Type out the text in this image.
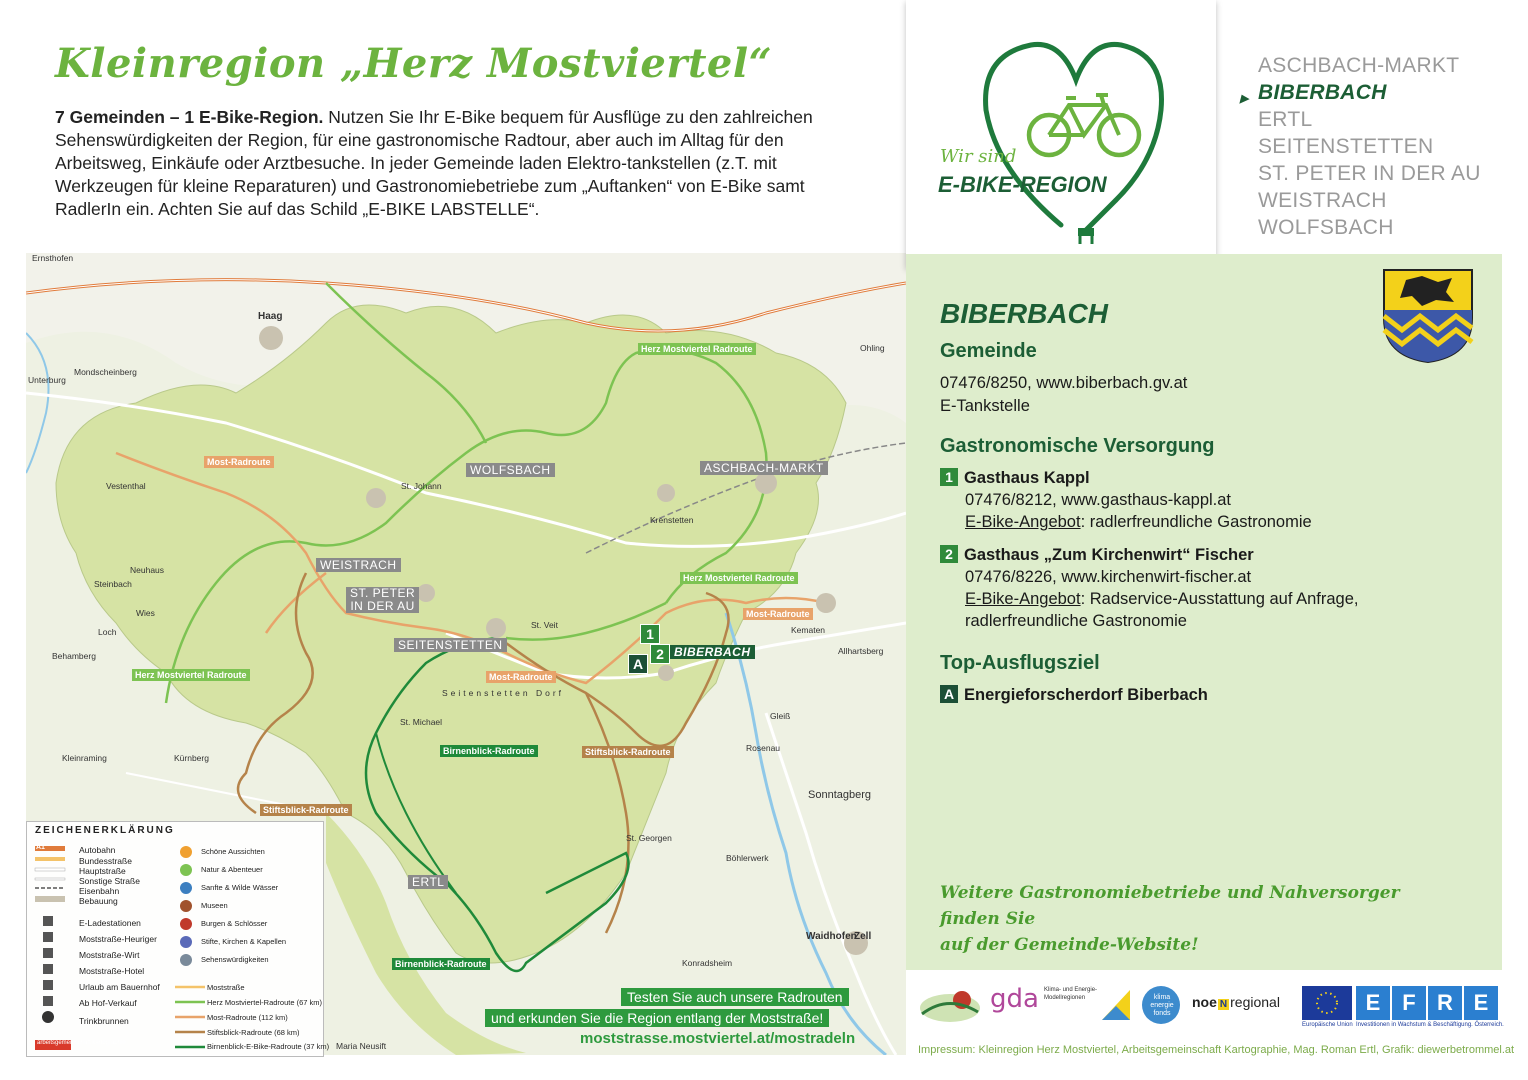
Kleinregion „Herz Mostviertel“
7 Gemeinden – 1 E-Bike-Region. Nutzen Sie Ihr E-Bike bequem für Ausflüge zu den zahlreichen Sehenswürdigkeiten der Region, für eine gastronomische Radtour, aber auch im Alltag für den Arbeitsweg, Einkäufe oder Arztbesuche. In jeder Gemeinde laden Elektro-tankstellen (z.T. mit Werkzeugen für kleine Reparaturen) und Gastronomiebetriebe zum „Auftanken“ von E-Bike samt RadlerIn ein. Achten Sie auf das Schild „E-BIKE LABSTELLE“.
Ernsthofen
Haag
Unterburg
Mondscheinberg
Vestenthal	St. Johann
Kürnberg
Kleinraming
Behamberg
Steinbach
Wies
Loch
Neuhaus
St. Veit	Kematen
Allhartsberg
Gleiß
Rosenau
Sonntagberg
Waidhofen
Zell
Konradsheim
Maria Neusift
Böhlerwerk
St. Georgen
St. Michael
Krenstetten
Ohling
Seitenstetten Dorf
WOLFSBACH	ASCHBACH-MARKT
WEISTRACH
ST. PETER
IN DER AU
SEITENSTETTEN
ERTL
BIBERBACH
1
2
A
Herz Mostviertel Radroute
Herz Mostviertel Radroute
Herz Mostviertel Radroute
Most-Radroute
Most-Radroute
Most-Radroute
Birnenblick-Radroute
Birnenblick-Radroute
Stiftsblick-Radroute
Stiftsblick-Radroute
Testen Sie auch unsere Radrouten
und erkunden Sie die Region entlang der Moststraße!
moststrasse.mostviertel.at/mostradeln
ZEICHENERKLÄRUNG
A1	Autobahn
Bundesstraße
Hauptstraße
Sonstige Straße
Eisenbahn
Bebauung
E-Ladestationen
Moststraße-Heuriger
Moststraße-Wirt
Moststraße-Hotel
Urlaub am Bauernhof
Ab Hof-Verkauf
Trinkbrunnen
arbeitsgemeinschaft kartographie
Schöne Aussichten
Natur & Abenteuer
Sanfte & Wilde Wässer
Museen
Burgen & Schlösser
Stifte, Kirchen & Kapellen
Sehenswürdigkeiten
Moststraße
Herz Mostviertel-Radroute (67 km)
Most-Radroute (112 km)
Stiftsblick-Radroute (68 km)
Birnenblick-E-Bike-Radroute (37 km)
Wir sind
E-BIKE-REGION
ASCHBACH-MARKT
▶ BIBERBACH
ERTL
SEITENSTETTEN
ST. PETER IN DER AU
WEISTRACH
WOLFSBACH
BIBERBACH
Gemeinde
07476/8250, www.biberbach.gv.at
E-Tankstelle
Gastronomische Versorgung
1 Gasthaus Kappl
07476/8212, www.gasthaus-kappl.at
E-Bike-Angebot: radlerfreundliche Gastronomie
2 Gasthaus „Zum Kirchenwirt“ Fischer
07476/8226, www.kirchenwirt-fischer.at
E-Bike-Angebot: Radservice-Ausstattung auf Anfrage,
radlerfreundliche Gastronomie
Top-Ausflugsziel
A Energieforscherdorf Biberbach
Weitere Gastronomiebetriebe und Nahversorger finden Sie
auf der Gemeinde-Website!
gda Klima- und Energie-Modellregionen	klima energie fonds
noe N regional
Europäische Union
E F R E
Investitionen in Wachstum & Beschäftigung. Österreich.
Impressum: Kleinregion Herz Mostviertel, Arbeitsgemeinschaft Kartographie, Mag. Roman Ertl, Grafik: diewerbetrommel.at
